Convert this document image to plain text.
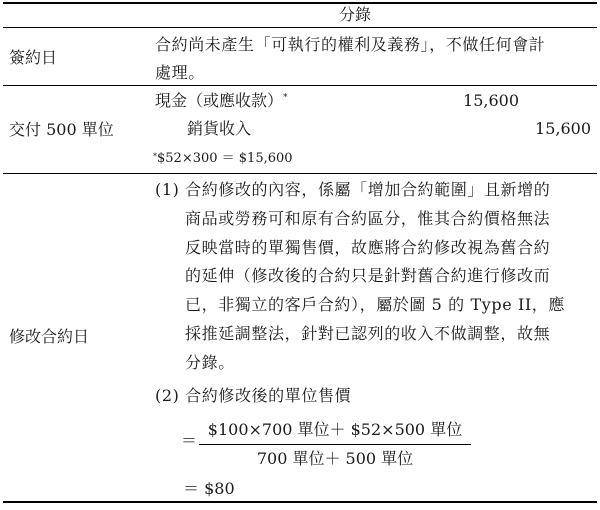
分錄
簽約日
合約尚未產生「可執行的權利及義務」，不做任何會計
處理。
交付 500 單位
現金（或應收款）*	15,600
銷貨收入	15,600
*$52×300 ＝ $15,600
修改合約日
(1) 合約修改的內容，係屬「增加合約範圍」且新增的
商品或勞務可和原有合約區分，惟其合約價格無法
反映當時的單獨售價，故應將合約修改視為舊合約
的延伸（修改後的合約只是針對舊合約進行修改而
已，非獨立的客戶合約），屬於圖 5 的 Type II，應
採推延調整法，針對已認列的收入不做調整，故無
分錄。
(2) 合約修改後的單位售價
＝
$100×700 單位＋ $52×500 單位
700 單位＋ 500 單位
＝ $80
